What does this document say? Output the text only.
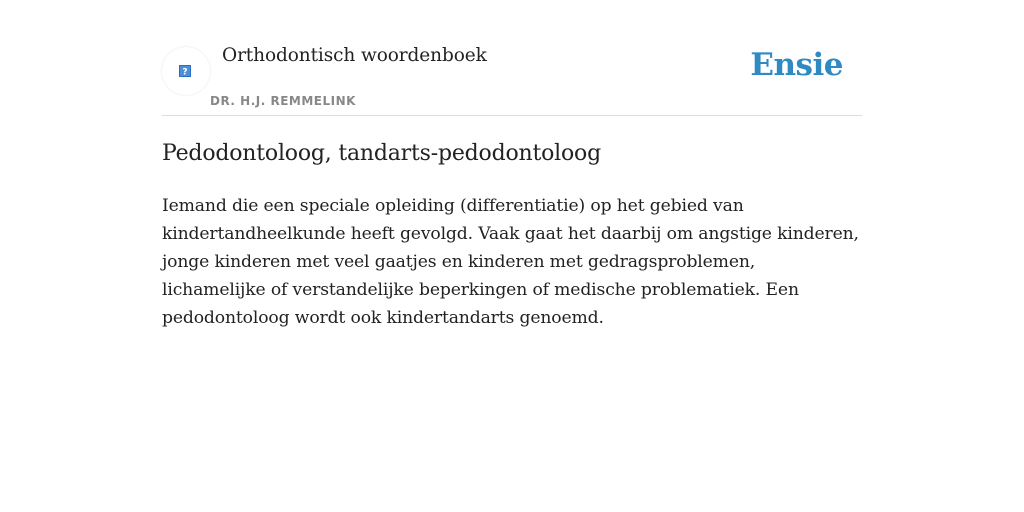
?
Orthodontisch woordenboek
DR. H.J. REMMELINK
Ensie
Pedodontoloog, tandarts-pedodontoloog

Iemand die een speciale opleiding (differentiatie) op het gebied van kindertandheelkunde heeft gevolgd. Vaak gaat het daarbij om angstige kinderen, jonge kinderen met veel gaatjes en kinderen met gedragsproblemen, lichamelijke of verstandelijke beperkingen of medische problematiek. Een pedodontoloog wordt ook kindertandarts genoemd.
